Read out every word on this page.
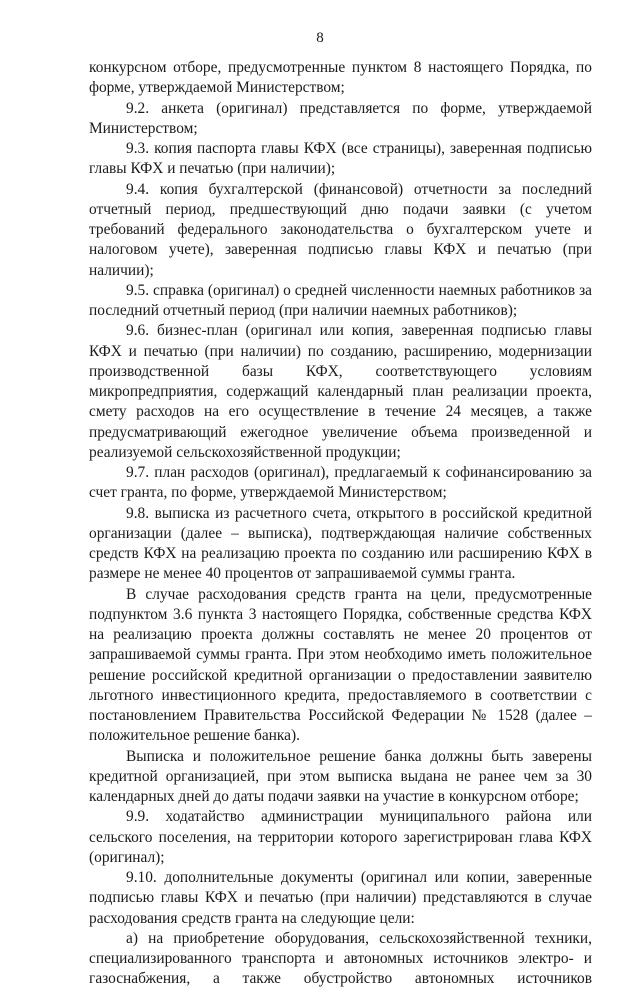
8

конкурсном отборе, предусмотренные пунктом 8 настоящего Порядка, по форме, утверждаемой Министерством;

9.2. анкета (оригинал) представляется по форме, утверждаемой Министерством;

9.3. копия паспорта главы КФХ (все страницы), заверенная подписью главы КФХ и печатью (при наличии);

9.4. копия бухгалтерской (финансовой) отчетности за последний отчетный период, предшествующий дню подачи заявки (с учетом требований федерального законодательства о бухгалтерском учете и налоговом учете), заверенная подписью главы КФХ и печатью (при наличии);

9.5. справка (оригинал) о средней численности наемных работников за последний отчетный период (при наличии наемных работников);

9.6. бизнес-план (оригинал или копия, заверенная подписью главы КФХ и печатью (при наличии) по созданию, расширению, модернизации производственной базы КФХ, соответствующего условиям микропредприятия, содержащий календарный план реализации проекта, смету расходов на его осуществление в течение 24 месяцев, а также предусматривающий ежегодное увеличение объема произведенной и реализуемой сельскохозяйственной продукции;

9.7. план расходов (оригинал), предлагаемый к софинансированию за счет гранта, по форме, утверждаемой Министерством;

9.8. выписка из расчетного счета, открытого в российской кредитной организации (далее – выписка), подтверждающая наличие собственных средств КФХ на реализацию проекта по созданию или расширению КФХ в размере не менее 40 процентов от запрашиваемой суммы гранта.

В случае расходования средств гранта на цели, предусмотренные подпунктом 3.6 пункта 3 настоящего Порядка, собственные средства КФХ на реализацию проекта должны составлять не менее 20 процентов от запрашиваемой суммы гранта. При этом необходимо иметь положительное решение российской кредитной организации о предоставлении заявителю льготного инвестиционного кредита, предоставляемого в соответствии с постановлением Правительства Российской Федерации № 1528 (далее – положительное решение банка).

Выписка и положительное решение банка должны быть заверены кредитной организацией, при этом выписка выдана не ранее чем за 30 календарных дней до даты подачи заявки на участие в конкурсном отборе;

9.9. ходатайство администрации муниципального района или сельского поселения, на территории которого зарегистрирован глава КФХ (оригинал);

9.10. дополнительные документы (оригинал или копии, заверенные подписью главы КФХ и печатью (при наличии) представляются в случае расходования средств гранта на следующие цели:

а) на приобретение оборудования, сельскохозяйственной техники, специализированного транспорта и автономных источников электро- и газоснабжения, а также обустройство автономных источников
